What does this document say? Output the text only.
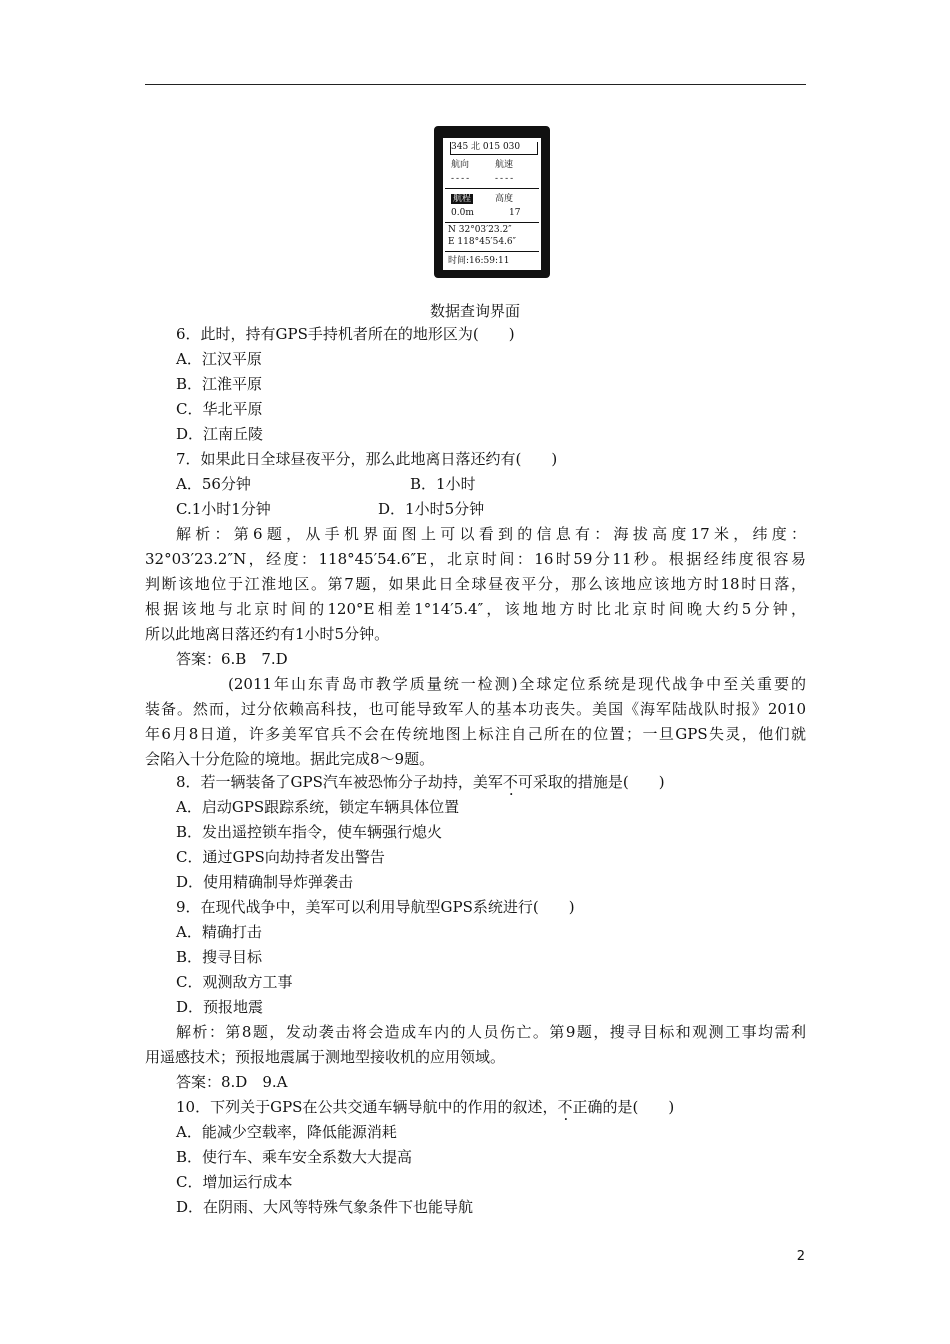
345 北 015 030
航向	航速
----	----
航程	高度
0.0m	17
N 32°03′23.2″
E 118°45′54.6″
时间:16:59:11
数据查询界面
6．此时，持有GPS手持机者所在的地形区为(　　)
A．江汉平原
B．江淮平原
C．华北平原
D．江南丘陵
7．如果此日全球昼夜平分，那么此地离日落还约有(　　)
A．56分钟	B．1小时
C.1小时1分钟	D．1小时5分钟
解析：第6题，从手机界面图上可以看到的信息有：海拔高度17米，纬度：
32°03′23.2″N，经度：118°45′54.6″E，北京时间：16时59分11秒。根据经纬度很容易
判断该地位于江淮地区。第7题，如果此日全球昼夜平分，那么该地应该地方时18时日落，
根据该地与北京时间的120°E相差1°14′5.4″，该地地方时比北京时间晚大约5分钟，
所以此地离日落还约有1小时5分钟。
答案：6.B　7.D
(2011年山东青岛市教学质量统一检测)全球定位系统是现代战争中至关重要的
装备。然而，过分依赖高科技，也可能导致军人的基本功丧失。美国《海军陆战队时报》2010
年6月8日道，许多美军官兵不会在传统地图上标注自己所在的位置；一旦GPS失灵，他们就
会陷入十分危险的境地。据此完成8～9题。
8．若一辆装备了GPS汽车被恐怖分子劫持，美军不可采取的措施是(　　)
A．启动GPS跟踪系统，锁定车辆具体位置
B．发出遥控锁车指令，使车辆强行熄火
C．通过GPS向劫持者发出警告
D．使用精确制导炸弹袭击
9．在现代战争中，美军可以利用导航型GPS系统进行(　　)
A．精确打击
B．搜寻目标
C．观测敌方工事
D．预报地震
解析：第8题，发动袭击将会造成车内的人员伤亡。第9题，搜寻目标和观测工事均需利
用遥感技术；预报地震属于测地型接收机的应用领域。
答案：8.D　9.A
10．下列关于GPS在公共交通车辆导航中的作用的叙述，不正确的是(　　)
A．能减少空载率，降低能源消耗
B．使行车、乘车安全系数大大提高
C．增加运行成本
D．在阴雨、大风等特殊气象条件下也能导航
2
